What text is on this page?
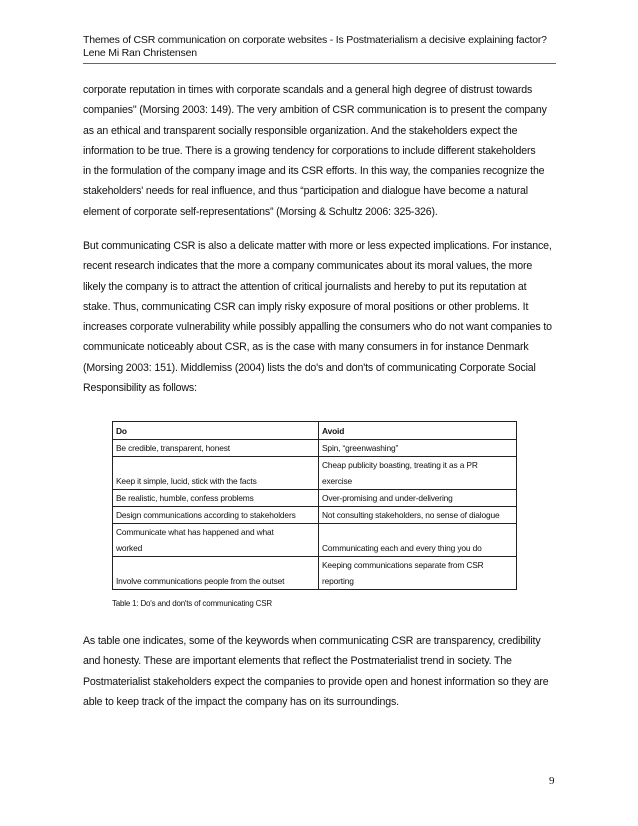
Themes of CSR communication on corporate websites - Is Postmaterialism a decisive explaining factor?
Lene Mi Ran Christensen
corporate reputation in times with corporate scandals and a general high degree of distrust towards
companies" (Morsing 2003: 149). The very ambition of CSR communication is to present the company
as an ethical and transparent socially responsible organization. And the stakeholders expect the
information to be true. There is a growing tendency for corporations to include different stakeholders
in the formulation of the company image and its CSR efforts. In this way, the companies recognize the
stakeholders' needs for real influence, and thus “participation and dialogue have become a natural
element of corporate self-representations” (Morsing & Schultz 2006: 325-326).
But communicating CSR is also a delicate matter with more or less expected implications. For instance,
recent research indicates that the more a company communicates about its moral values, the more
likely the company is to attract the attention of critical journalists and hereby to put its reputation at
stake. Thus, communicating CSR can imply risky exposure of moral positions or other problems. It
increases corporate vulnerability while possibly appalling the consumers who do not want companies to
communicate noticeably about CSR, as is the case with many consumers in for instance Denmark
(Morsing 2003: 151). Middlemiss (2004) lists the do's and don'ts of communicating Corporate Social
Responsibility as follows:
Do	Avoid
Be credible, transparent, honest	Spin, “greenwashing”
Keep it simple, lucid, stick with the facts	Cheap publicity boasting, treating it as a PR
exercise
Be realistic, humble, confess problems	Over-promising and under-delivering
Design communications according to stakeholders	Not consulting stakeholders, no sense of dialogue
Communicate what has happened and what
worked	Communicating each and every thing you do
Involve communications people from the outset	Keeping communications separate from CSR
reporting
Table 1: Do's and don'ts of communicating CSR
As table one indicates, some of the keywords when communicating CSR are transparency, credibility
and honesty. These are important elements that reflect the Postmaterialist trend in society. The
Postmaterialist stakeholders expect the companies to provide open and honest information so they are
able to keep track of the impact the company has on its surroundings.
9
